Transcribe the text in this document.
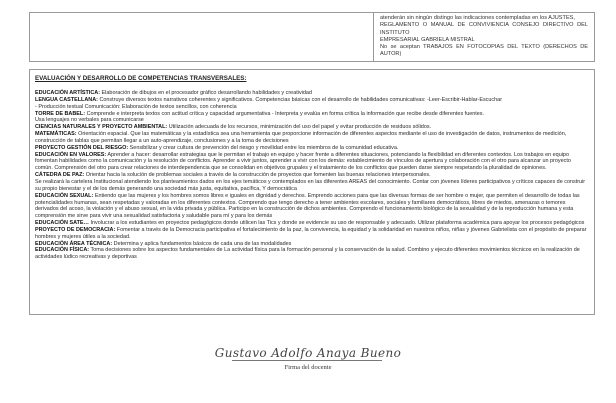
atenderán sin ningún distingo las indicaciones contempladas en los AJUSTES,

REGLAMENTO O MANUAL DE CONVIVIENCIA CONSEJO DIRECTIVO DEL INSTITUTO

EMPRESARIAL GABRIELA MISTRAL

No se aceptan TRABAJOS EN FOTOCOPIAS DEL TEXTO (DERECHOS DE AUTOR)

EVALUACIÓN Y DESARROLLO DE COMPETENCIAS TRANSVERSALES:

EDUCACIÓN ARTÍSTICA: Elaboración de dibujos en el procesador gráfico desarrollando habilidades y creatividad

LENGUA CASTELLANA: Construye diversos textos narrativos coherentes y significativos. Competencias básicas con el desarrollo de habilidades comunicativas: -Leer-Escribir-Hablar-Escuchar

- Producción textual Comunicación: Elaboración de textos sencillos, con coherencia

TORRE DE BABEL: Comprende e interpreta textos con actitud crítica y capacidad argumentativa - Interpreta y evalúa en forma crítica la información que recibe desde diferentes fuentes.

Usa lenguajes no verbales para comunicarse

CIENCIAS NATURALES Y PROYECTO AMBIENTAL: Utilización adecuada de los recursos, minimización del uso del papel y evitar producción de residuos sólidos.

MATEMÁTICAS: Orientación espacial. Que las matemáticas y la estadística sea una herramienta que proporcione información de diferentes aspectos mediante el uso de investigación de datos, instrumentos de medición, construcción de tablas que permitan llegar a un auto-aprendizaje, conclusiones y a la toma de decisiones

PROYECTO GESTIÓN DEL RIESGO: Sensibilizar y crear cultura de prevención del riesgo y movilidad entre los miembros de la comunidad educativa.

EDUCACIÓN EN VALORES: Aprender a hacer: desarrollar estrategias que le permitan el trabajo en equipo y hacer frente a diferentes situaciones, potenciando la flexibilidad en diferentes contextos. Los trabajos en equipo fomentan habilidades como la comunicación y la resolución de conflictos. Aprender a vivir juntos, aprender a vivir con los demás: establecimiento de vínculos de apertura y colaboración con el otro para alcanzar un proyecto común. Comprensión del otro para crear relaciones de interdependencia que se consolidan en objetivos grupales y el tratamiento de los conflictos que pueden darse siempre respetando la pluralidad de opiniones.

CÁTEDRA DE PAZ: Orientar hacia la solución de problemas sociales a través de la construcción de proyectos que fomenten las buenas relaciones interpersonales.

Se realizará la cartelera Institucional atendiendo los planteamientos dados en los ejes temáticos y contemplados en las diferentes AREAS del conocimiento. Contar con jóvenes líderes participativos y críticos capaces de construir su propio bienestar y el de los demás generando una sociedad más justa, equitativa, pacífica, Y democrática

EDUCACIÓN SEXUAL: Entiendo que las mujeres y los hombres somos libres e iguales en dignidad y derechos. Emprendo acciones para que las diversas formas de ser hombre o mujer, que permiten el desarrollo de todas las potencialidades humanas, sean respetadas y valoradas en los diferentes contextos. Comprendo que tengo derecho a tener ambientes escolares, sociales y familiares democráticos, libres de miedos, amenazas o temores derivados del acoso, la violación y el abuso sexual, en la vida privada y pública. Participo en la construcción de dichos ambientes. Comprendo el funcionamiento biológico de la sexualidad y de la reproducción humana y esta comprensión me sirve para vivir una sexualidad satisfactoria y saludable para mí y para los demás

EDUCACIÓN SATE… Involucrar a los estudiantes en proyectos pedagógicos donde utilicen las Tics y donde se evidencie su uso de responsable y adecuado. Utilizar plataforma académica para apoyar los procesos pedagógicos

PROYECTO DE DEMOCRACIA: Fomentar a través de la Democracia participativa el fortalecimiento de la paz, la convivencia, la equidad y la solidaridad en nuestros niños, niñas y jóvenes Gabrielista con el propósito de preparar hombres y mujeres útiles a la sociedad.

EDUCACIÓN ÁREA TÉCNICA: Determina y aplica fundamentos básicos de cada una de las modalidades

EDUCACIÓN FÍSICA: Toma decisiones sobre los aspectos fundamentales de La actividad física para la formación personal y la conservación de la salud. Combino y ejecuto diferentes movimientos técnicos en la realización de actividades lúdico recreativas y deportivas

Gustavo Adolfo Anaya Bueno
Firma del docente
